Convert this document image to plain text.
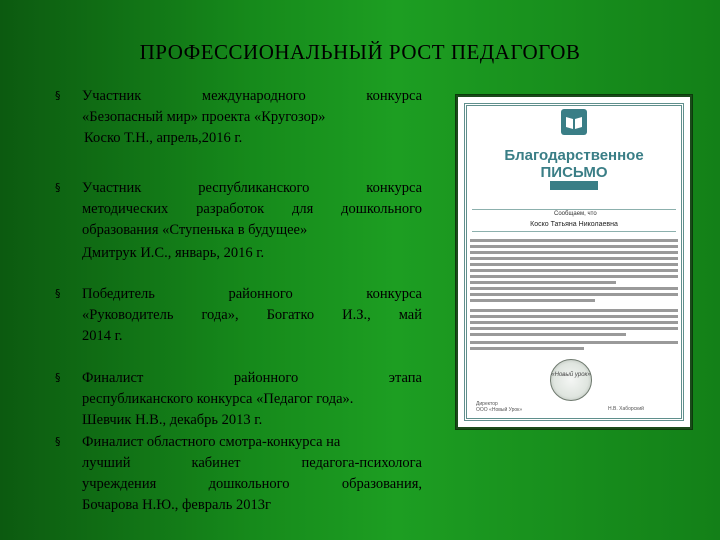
ПРОФЕССИОНАЛЬНЫЙ РОСТ ПЕДАГОГОВ
§ Участник международного конкурса
«Безопасный мир» проекта «Кругозор»
Коско Т.Н., апрель,2016 г.
§ Участник республиканского конкурса
методических разработок для дошкольного
образования «Ступенька в будущее»
Дмитрук И.С., январь, 2016 г.
§ Победитель районного конкурса
«Руководитель года», Богатко И.З., май
2014 г.
§ Финалист районного этапа
республиканского конкурса «Педагог года».
Шевчик Н.В., декабрь 2013 г.
§ Финалист областного смотра-конкурса на
лучший кабинет педагога-психолога
учреждения дошкольного образования,
Бочарова Н.Ю., февраль 2013г
Благодарственное
ПИСЬМО
Сообщаем, что
Коско Татьяна Николаевна
«Новый урок»
Директор
ООО «Новый Урок»	Н.В. Хаборский
